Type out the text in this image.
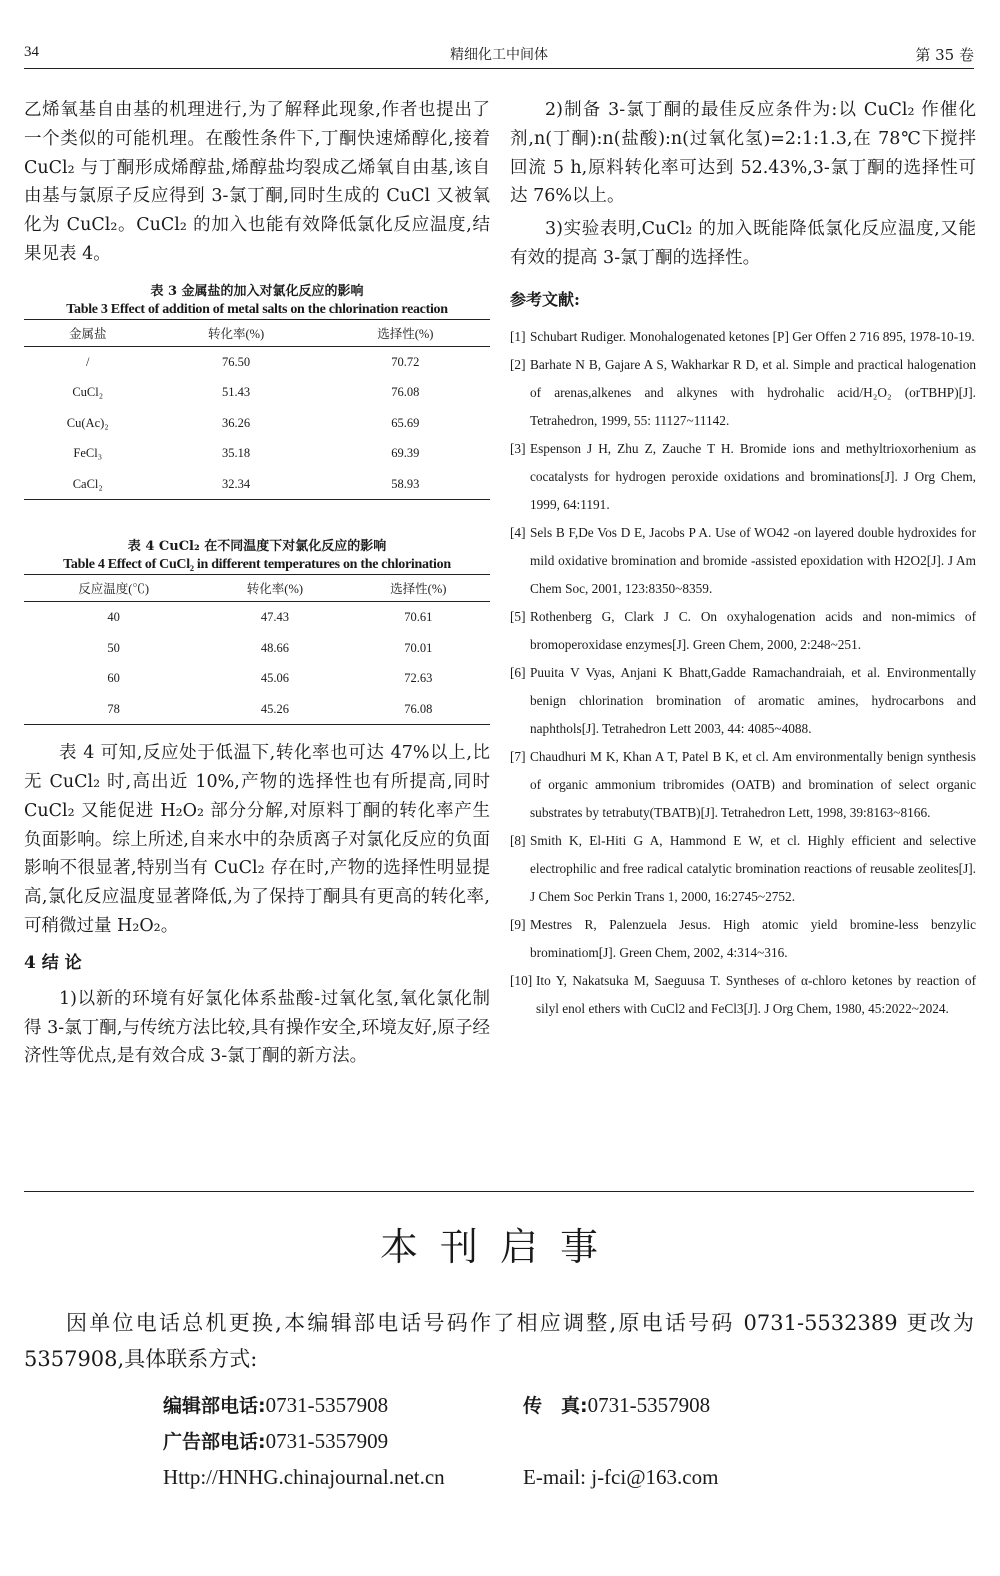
34	精细化工中间体	第 35 卷

乙烯氧基自由基的机理进行,为了解释此现象,作者也提出了一个类似的可能机理。在酸性条件下,丁酮快速烯醇化,接着 CuCl₂ 与丁酮形成烯醇盐,烯醇盐均裂成乙烯氧自由基,该自由基与氯原子反应得到 3-氯丁酮,同时生成的 CuCl 又被氧化为 CuCl₂。CuCl₂ 的加入也能有效降低氯化反应温度,结果见表 4。

表 3 金属盐的加入对氯化反应的影响
Table 3 Effect of addition of metal salts on the chlorination reaction
金属盐	转化率(%)	选择性(%)
/	76.50	70.72
CuCl₂	51.43	76.08
Cu(Ac)₂	36.26	65.69
FeCl₃	35.18	69.39
CaCl₂	32.34	58.93
表 4 CuCl₂ 在不同温度下对氯化反应的影响
Table 4 Effect of CuCl₂ in different temperatures on the chlorination
反应温度(℃)	转化率(%)	选择性(%)
40	47.43	70.61
50	48.66	70.01
60	45.06	72.63
78	45.26	76.08

表 4 可知,反应处于低温下,转化率也可达 47%以上,比无 CuCl₂ 时,高出近 10%,产物的选择性也有所提高,同时 CuCl₂ 又能促进 H₂O₂ 部分分解,对原料丁酮的转化率产生负面影响。综上所述,自来水中的杂质离子对氯化反应的负面影响不很显著,特别当有 CuCl₂ 存在时,产物的选择性明显提高,氯化反应温度显著降低,为了保持丁酮具有更高的转化率,可稍微过量 H₂O₂。

4 结 论

1)以新的环境有好氯化体系盐酸-过氧化氢,氧化氯化制得 3-氯丁酮,与传统方法比较,具有操作安全,环境友好,原子经济性等优点,是有效合成 3-氯丁酮的新方法。

2)制备 3-氯丁酮的最佳反应条件为:以 CuCl₂ 作催化剂,n(丁酮):n(盐酸):n(过氧化氢)=2:1:1.3,在 78℃下搅拌回流 5 h,原料转化率可达到 52.43%,3-氯丁酮的选择性可达 76%以上。

3)实验表明,CuCl₂ 的加入既能降低氯化反应温度,又能有效的提高 3-氯丁酮的选择性。

参考文献:
[1] Schubart Rudiger. Monohalogenated ketones [P] Ger Offen 2 716 895, 1978-10-19.
[2] Barhate N B, Gajare A S, Wakharkar R D, et al. Simple and practical halogenation of arenas,alkenes and alkynes with hydrohalic acid/H₂O₂ (orTBHP)[J]. Tetrahedron, 1999, 55: 11127~11142.
[3] Espenson J H, Zhu Z, Zauche T H. Bromide ions and methyltrioxorhenium as cocatalysts for hydrogen peroxide oxidations and brominations[J]. J Org Chem, 1999, 64:1191.
[4] Sels B F,De Vos D E, Jacobs P A. Use of WO42 -on layered double hydroxides for mild oxidative bromination and bromide -assisted epoxidation with H2O2[J]. J Am Chem Soc, 2001, 123:8350~8359.
[5] Rothenberg G, Clark J C. On oxyhalogenation acids and non-mimics of bromoperoxidase enzymes[J]. Green Chem, 2000, 2:248~251.
[6] Puuita V Vyas, Anjani K Bhatt,Gadde Ramachandraiah, et al. Environmentally benign chlorination bromination of aromatic amines, hydrocarbons and naphthols[J]. Tetrahedron Lett 2003, 44: 4085~4088.
[7] Chaudhuri M K, Khan A T, Patel B K, et cl. Am environmentally benign synthesis of organic ammonium tribromides (OATB) and bromination of select organic substrates by tetrabuty(TBATB)[J]. Tetrahedron Lett, 1998, 39:8163~8166.
[8] Smith K, El-Hiti G A, Hammond E W, et cl. Highly efficient and selective electrophilic and free radical catalytic bromination reactions of reusable zeolites[J]. J Chem Soc Perkin Trans 1, 2000, 16:2745~2752.
[9] Mestres R, Palenzuela Jesus. High atomic yield bromine-less benzylic brominatiom[J]. Green Chem, 2002, 4:314~316.
[10] Ito Y, Nakatsuka M, Saeguusa T. Syntheses of α-chloro ketones by reaction of silyl enol ethers with CuCl2 and FeCl3[J]. J Org Chem, 1980, 45:2022~2024.
本刊启事
因单位电话总机更换,本编辑部电话号码作了相应调整,原电话号码 0731-5532389 更改为 5357908,具体联系方式:
编辑部电话:0731-5357908	传　真:0731-5357908
广告部电话:0731-5357909
Http://HNHG.chinajournal.net.cn	E-mail: j-fci@163.com
